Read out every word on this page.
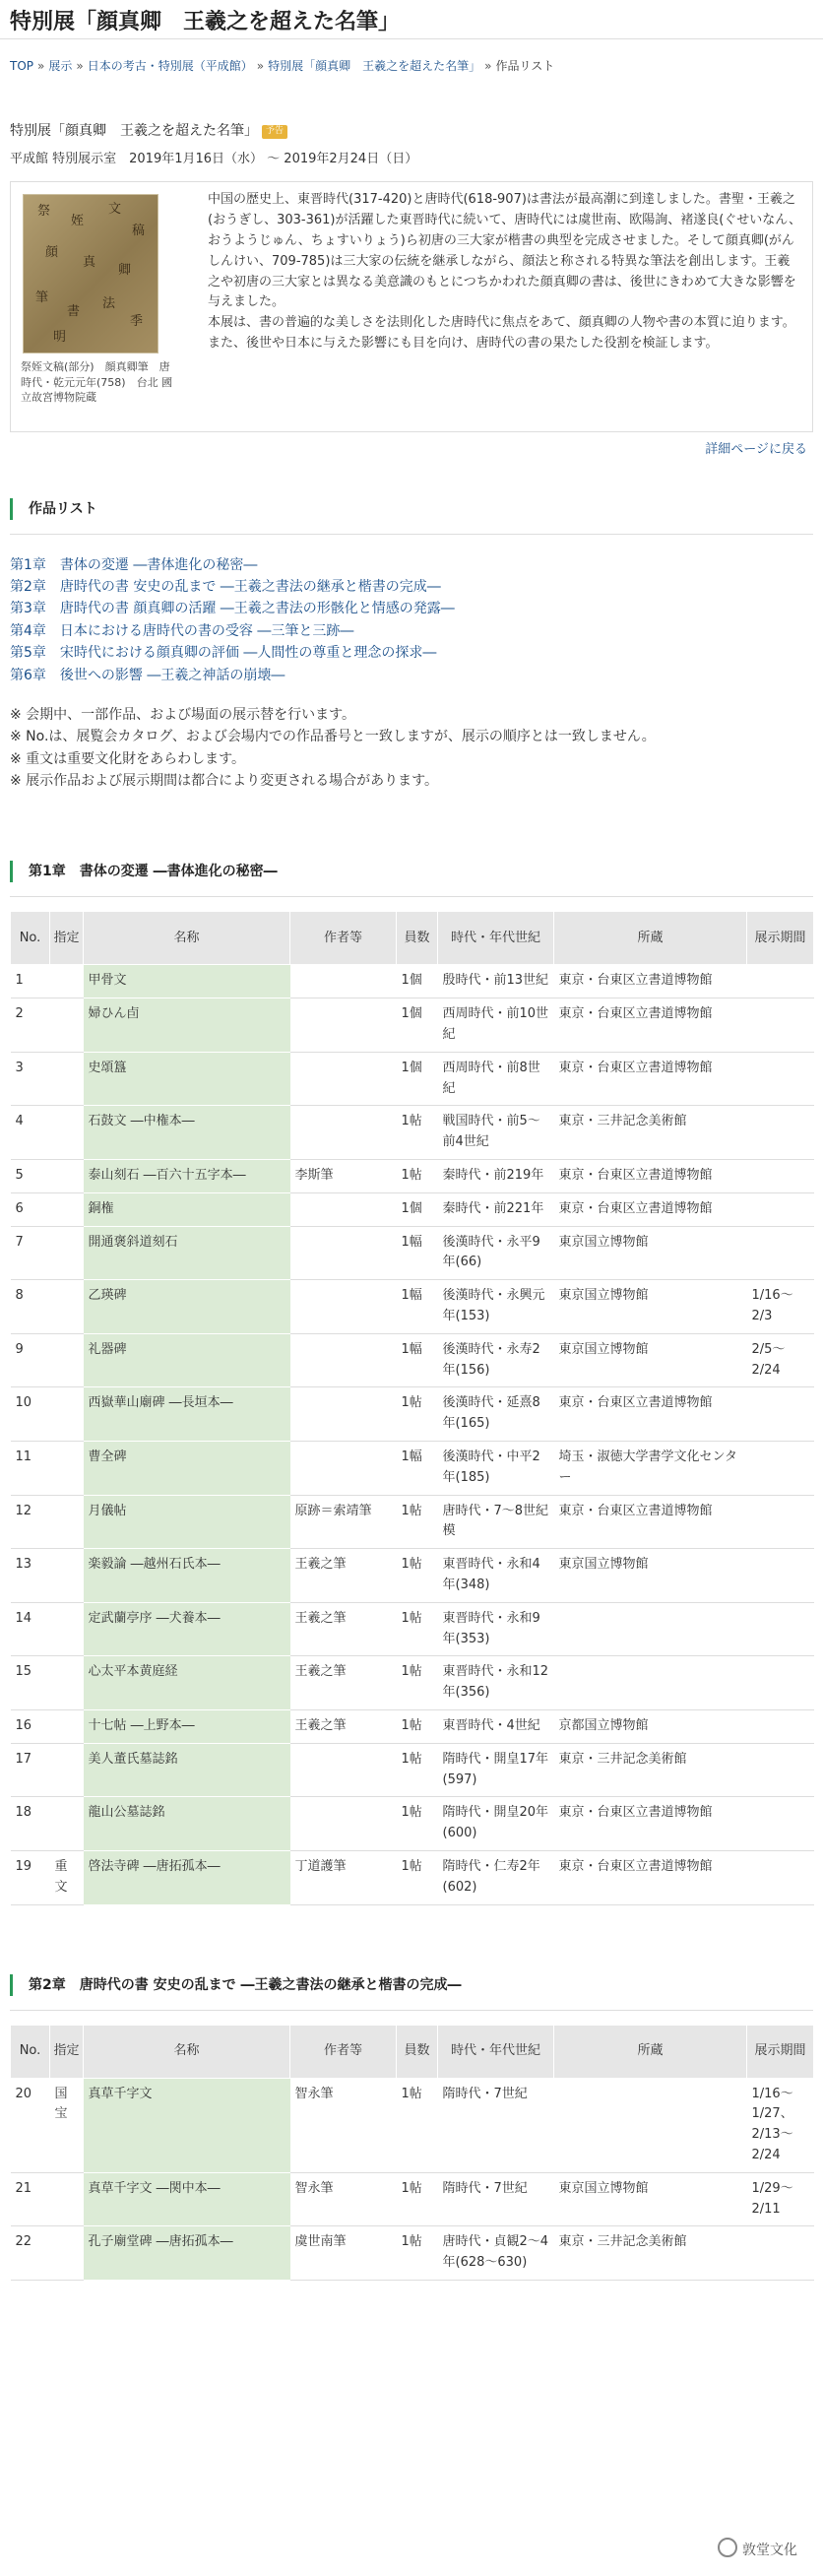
特別展「顔真卿　王羲之を超えた名筆」
TOP » 展示 » 日本の考古・特別展（平成館） » 特別展「顔真卿　王羲之を超えた名筆」 » 作品リスト
特別展「顔真卿　王羲之を超えた名筆」 予告
平成館 特別展示室　2019年1月16日（水） ～ 2019年2月24日（日）
祭
姪
文
稿
顔
真
卿
筆
書
法
季
明
祭姪文稿(部分)　顔真卿筆　唐時代・乾元元年(758)　台北 國立故宮博物院蔵

中国の歴史上、東晋時代(317-420)と唐時代(618-907)は書法が最高潮に到達しました。書聖・王羲之(おうぎし、303-361)が活躍した東晋時代に続いて、唐時代には虞世南、欧陽詢、褚遂良(ぐせいなん、おうようじゅん、ちょすいりょう)ら初唐の三大家が楷書の典型を完成させました。そして顔真卿(がんしんけい、709-785)は三大家の伝統を継承しながら、顔法と称される特異な筆法を創出します。王羲之や初唐の三大家とは異なる美意識のもとにつちかわれた顔真卿の書は、後世にきわめて大きな影響を与えました。

本展は、書の普遍的な美しさを法則化した唐時代に焦点をあて、顔真卿の人物や書の本質に迫ります。また、後世や日本に与えた影響にも目を向け、唐時代の書の果たした役割を検証します。

詳細ページに戻る
作品リスト
第1章　書体の変遷 ―書体進化の秘密―
第2章　唐時代の書 安史の乱まで ―王羲之書法の継承と楷書の完成―
第3章　唐時代の書 顔真卿の活躍 ―王羲之書法の形骸化と情感の発露―
第4章　日本における唐時代の書の受容 ―三筆と三跡―
第5章　宋時代における顔真卿の評価 ―人間性の尊重と理念の探求―
第6章　後世への影響 ―王羲之神話の崩壊―
※ 会期中、一部作品、および場面の展示替を行います。
※ No.は、展覧会カタログ、および会場内での作品番号と一致しますが、展示の順序とは一致しません。
※ 重文は重要文化財をあらわします。
※ 展示作品および展示期間は都合により変更される場合があります。
第1章　書体の変遷 ―書体進化の秘密―
No.	指定	名称	作者等	員数	時代・年代世紀	所蔵	展示期間
1		甲骨文		1個	殷時代・前13世紀	東京・台東区立書道博物館	
2		婦ひん卣		1個	西周時代・前10世紀	東京・台東区立書道博物館	
3		史頌簋		1個	西周時代・前8世紀	東京・台東区立書道博物館	
4		石鼓文 ―中権本―		1帖	戦国時代・前5～前4世紀	東京・三井記念美術館	
5		泰山刻石 ―百六十五字本―	李斯筆	1帖	秦時代・前219年	東京・台東区立書道博物館	
6		銅権		1個	秦時代・前221年	東京・台東区立書道博物館	
7		開通褒斜道刻石		1幅	後漢時代・永平9年(66)	東京国立博物館	
8		乙瑛碑		1幅	後漢時代・永興元年(153)	東京国立博物館	1/16～2/3
9		礼器碑		1幅	後漢時代・永寿2年(156)	東京国立博物館	2/5～2/24
10		西嶽華山廟碑 ―長垣本―		1帖	後漢時代・延熹8年(165)	東京・台東区立書道博物館	
11		曹全碑		1幅	後漢時代・中平2年(185)	埼玉・淑徳大学書学文化センター	
12		月儀帖	原跡＝索靖筆	1帖	唐時代・7～8世紀模	東京・台東区立書道博物館	
13		楽毅論 ―越州石氏本―	王羲之筆	1帖	東晋時代・永和4年(348)	東京国立博物館	
14		定武蘭亭序 ―犬養本―	王羲之筆	1帖	東晋時代・永和9年(353)		
15		心太平本黄庭経	王羲之筆	1帖	東晋時代・永和12年(356)		
16		十七帖 ―上野本―	王羲之筆	1帖	東晋時代・4世紀	京都国立博物館	
17		美人董氏墓誌銘		1帖	隋時代・開皇17年(597)	東京・三井記念美術館	
18		龍山公墓誌銘		1帖	隋時代・開皇20年(600)	東京・台東区立書道博物館	
19	重文	啓法寺碑 ―唐拓孤本―	丁道護筆	1帖	隋時代・仁寿2年(602)	東京・台東区立書道博物館	
第2章　唐時代の書 安史の乱まで ―王羲之書法の継承と楷書の完成―
No.	指定	名称	作者等	員数	時代・年代世紀	所蔵	展示期間
20	国宝	真草千字文	智永筆	1帖	隋時代・7世紀		1/16～1/27、2/13～2/24
21		真草千字文 ―関中本―	智永筆	1帖	隋時代・7世紀	東京国立博物館	1/29～2/11
22		孔子廟堂碑 ―唐拓孤本―	虞世南筆	1帖	唐時代・貞観2～4年(628～630)	東京・三井記念美術館	
敦堂文化
